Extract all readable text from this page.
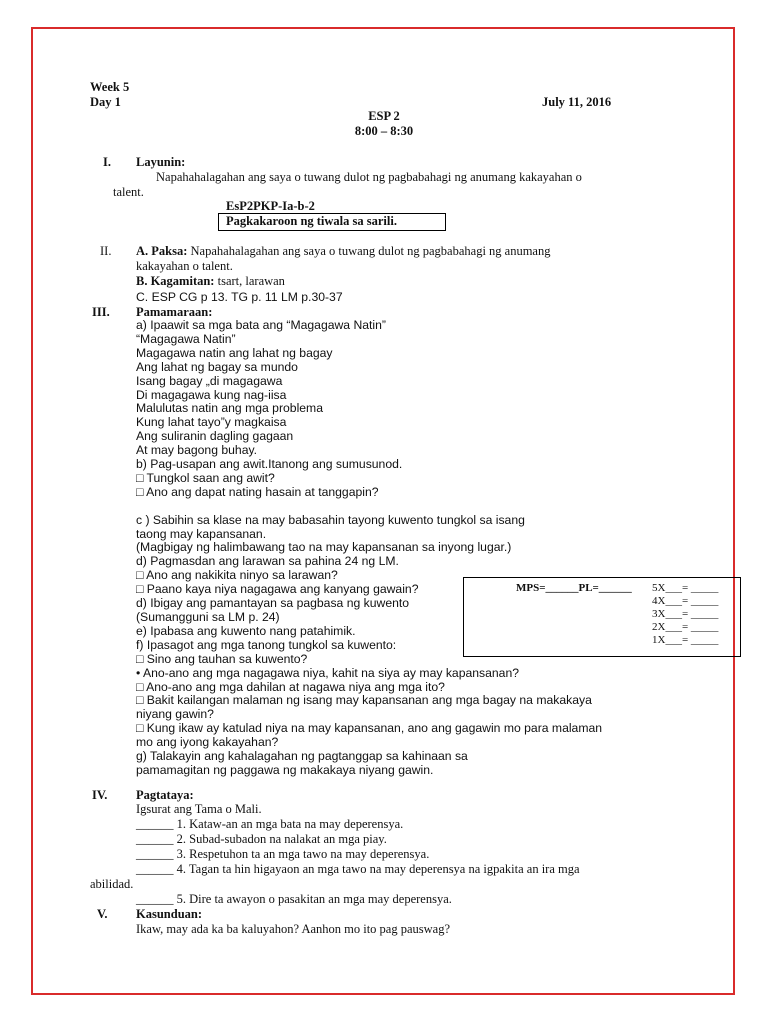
Week 5
Day 1	July 11, 2016
ESP 2
8:00 – 8:30
I. Layunin:
Napahahalagahan ang saya o tuwang dulot ng pagbabahagi ng anumang kakayahan o
talent.
EsP2PKP-Ia-b-2
Pagkakaroon ng tiwala sa sarili.
II. A. Paksa: Napahahalagahan ang saya o tuwang dulot ng pagbabahagi ng anumang
kakayahan o talent.
B. Kagamitan: tsart, larawan
C. ESP CG p 13. TG p. 11 LM p.30-37
III. Pamamaraan:
a) Ipaawit sa mga bata ang “Magagawa Natin”
“Magagawa Natin”
Magagawa natin ang lahat ng bagay
Ang lahat ng bagay sa mundo
Isang bagay „di magagawa
Di magagawa kung nag-iisa
Malulutas natin ang mga problema
Kung lahat tayo”y magkaisa
Ang suliranin dagling gagaan
At may bagong buhay.
b) Pag-usapan ang awit.Itanong ang sumusunod.
□ Tungkol saan ang awit?
□ Ano ang dapat nating hasain at tanggapin?
c ) Sabihin sa klase na may babasahin tayong kuwento tungkol sa isang
taong may kapansanan.
(Magbigay ng halimbawang tao na may kapansanan sa inyong lugar.)
d) Pagmasdan ang larawan sa pahina 24 ng LM.
□ Ano ang nakikita ninyo sa larawan?
□ Paano kaya niya nagagawa ang kanyang gawain?
d) Ibigay ang pamantayan sa pagbasa ng kuwento
(Sumangguni sa LM p. 24)
e) Ipabasa ang kuwento nang patahimik.
f) Ipasagot ang mga tanong tungkol sa kuwento:
□ Sino ang tauhan sa kuwento?
• Ano-ano ang mga nagagawa niya, kahit na siya ay may kapansanan?
□ Ano-ano ang mga dahilan at nagawa niya ang mga ito?
□ Bakit kailangan malaman ng isang may kapansanan ang mga bagay na makakaya
niyang gawin?
□ Kung ikaw ay katulad niya na may kapansanan, ano ang gagawin mo para malaman
mo ang iyong kakayahan?
g) Talakayin ang kahalagahan ng pagtanggap sa kahinaan sa
pamamagitan ng paggawa ng makakaya niyang gawin.
MPS=______PL=______ 5X___= _____
4X___= _____
3X___= _____
2X___= _____
1X___= _____
IV. Pagtataya:
Igsurat ang Tama o Mali.
______ 1. Kataw-an an mga bata na may deperensya.
______ 2. Subad-subadon na nalakat an mga piay.
______ 3. Respetuhon ta an mga tawo na may deperensya.
______ 4. Tagan ta hin higayaon an mga tawo na may deperensya na igpakita an ira mga
abilidad.
______ 5. Dire ta awayon o pasakitan an mga may deperensya.
V. Kasunduan:
Ikaw, may ada ka ba kaluyahon? Aanhon mo ito pag pauswag?
